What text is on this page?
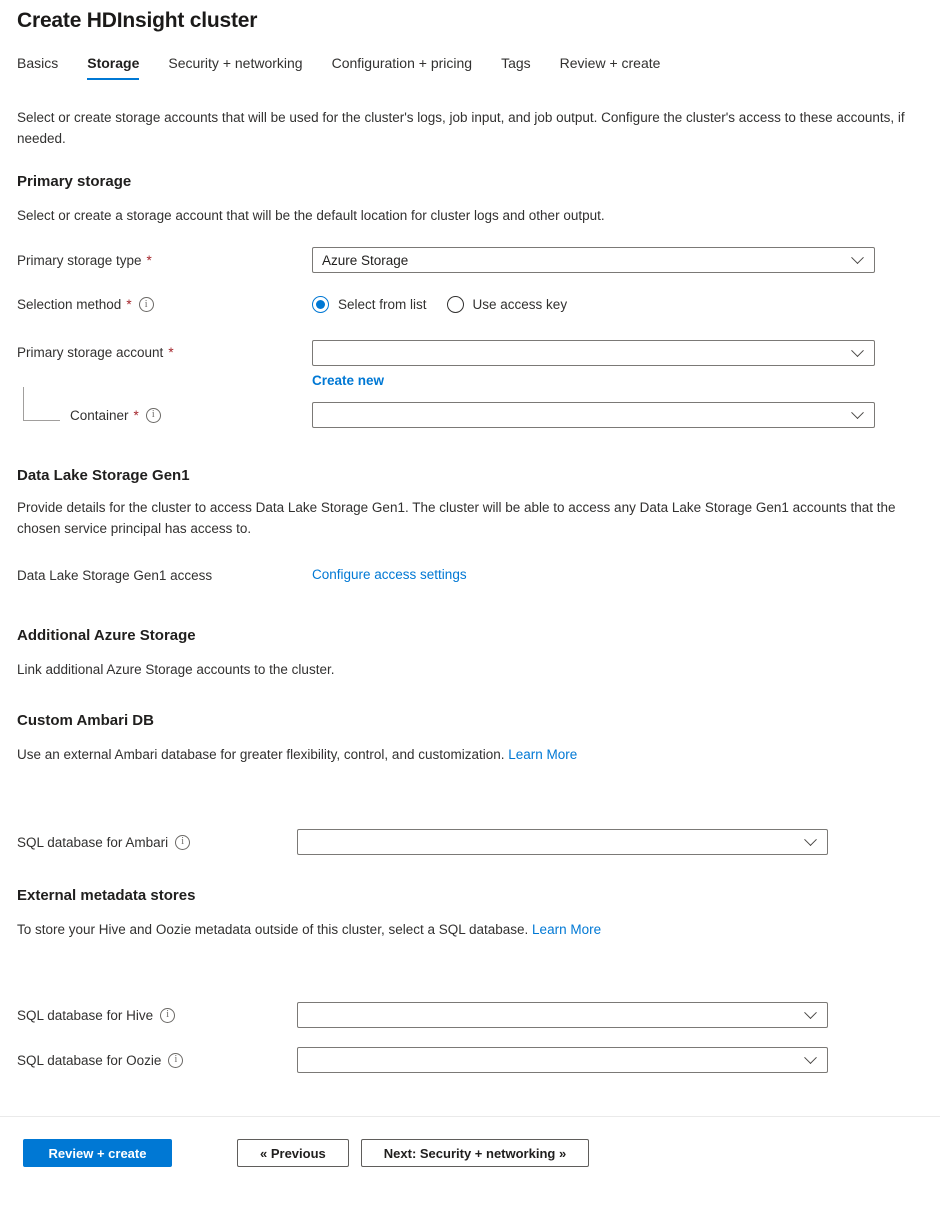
Create HDInsight cluster
Basics Storage Security + networking Configuration + pricing Tags Review + create

Select or create storage accounts that will be used for the cluster's logs, job input, and job output. Configure the cluster's access to these accounts, if needed.

Primary storage

Select or create a storage account that will be the default location for cluster logs and other output.

Primary storage type *	Azure Storage
Selection method *	i	Select from list	Use access key
Primary storage account *
Create new
Container *	i
Data Lake Storage Gen1

Provide details for the cluster to access Data Lake Storage Gen1. The cluster will be able to access any Data Lake Storage Gen1 accounts that the chosen service principal has access to.

Data Lake Storage Gen1 access	Configure access settings
Additional Azure Storage

Link additional Azure Storage accounts to the cluster.

Custom Ambari DB

Use an external Ambari database for greater flexibility, control, and customization. Learn More

SQL database for Ambari	i
External metadata stores

To store your Hive and Oozie metadata outside of this cluster, select a SQL database. Learn More

SQL database for Hive	i
SQL database for Oozie	i
Review + create	« Previous	Next: Security + networking »
